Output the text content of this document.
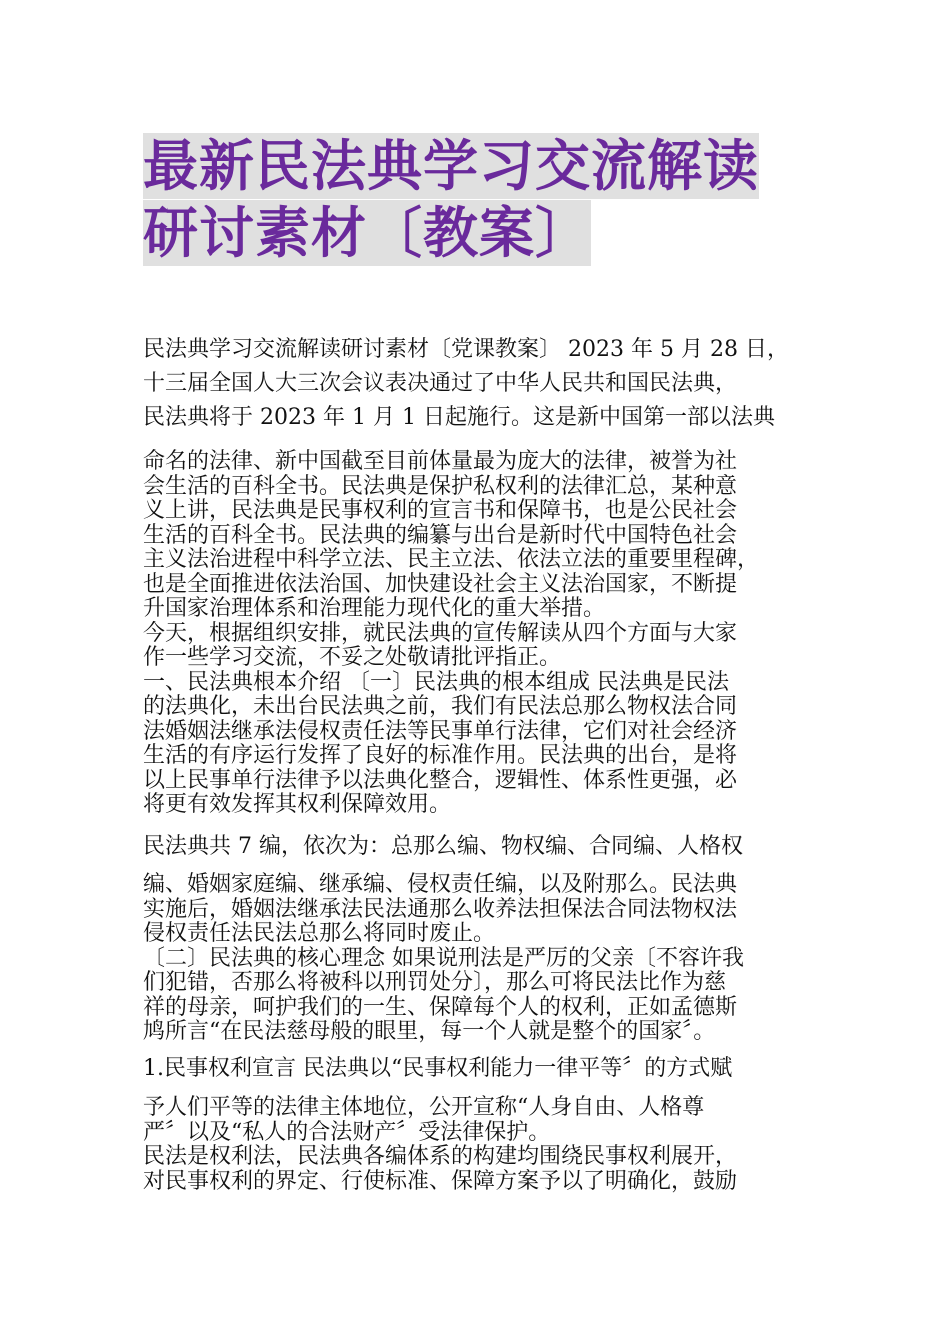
最新民法典学习交流解读
研讨素材〔教案〕

民法典学习交流解读研讨素材〔党课教案〕 2023 年 5 月 28 日，

十三届全国人大三次会议表决通过了中华人民共和国民法典，

民法典将于 2023 年 1 月 1 日起施行。这是新中国第一部以法典

命名的法律、新中国截至目前体量最为庞大的法律，被誉为社

会生活的百科全书。民法典是保护私权利的法律汇总，某种意

义上讲，民法典是民事权利的宣言书和保障书，也是公民社会

生活的百科全书。民法典的编纂与出台是新时代中国特色社会

主义法治进程中科学立法、民主立法、依法立法的重要里程碑，

也是全面推进依法治国、加快建设社会主义法治国家，不断提

升国家治理体系和治理能力现代化的重大举措。

今天，根据组织安排，就民法典的宣传解读从四个方面与大家

作一些学习交流，不妥之处敬请批评指正。

一、民法典根本介绍 〔一〕民法典的根本组成 民法典是民法

的法典化，未出台民法典之前，我们有民法总那么物权法合同

法婚姻法继承法侵权责任法等民事单行法律，它们对社会经济

生活的有序运行发挥了良好的标准作用。民法典的出台，是将

以上民事单行法律予以法典化整合，逻辑性、体系性更强，必

将更有效发挥其权利保障效用。

民法典共 7 编，依次为：总那么编、物权编、合同编、人格权

编、婚姻家庭编、继承编、侵权责任编，以及附那么。民法典

实施后，婚姻法继承法民法通那么收养法担保法合同法物权法

侵权责任法民法总那么将同时废止。

〔二〕民法典的核心理念 如果说刑法是严厉的父亲〔不容许我

们犯错，否那么将被科以刑罚处分〕，那么可将民法比作为慈

祥的母亲，呵护我们的一生、保障每个人的权利，正如孟德斯

鸠所言“在民法慈母般的眼里，每一个人就是整个的国家〞。

1.民事权利宣言 民法典以“民事权利能力一律平等〞的方式赋

予人们平等的法律主体地位，公开宣称“人身自由、人格尊

严〞以及“私人的合法财产〞受法律保护。

民法是权利法，民法典各编体系的构建均围绕民事权利展开，

对民事权利的界定、行使标准、保障方案予以了明确化，鼓励
